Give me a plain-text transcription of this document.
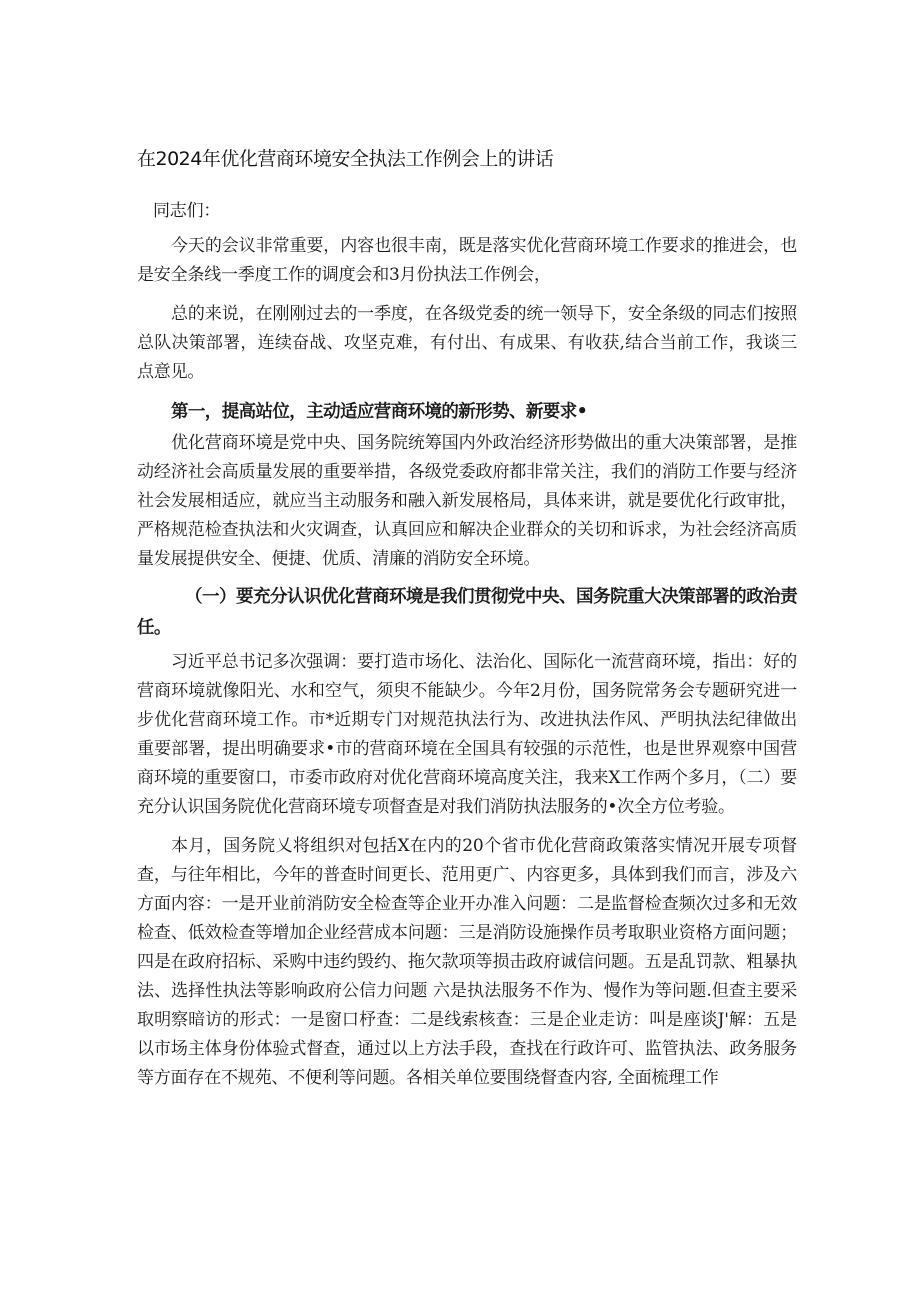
在2024年优化营商环境安全执法工作例会上的讲话

同志们：

今天的会议非常重要，内容也很丰南，既是落实优化营商环境工作要求的推进会，也是安全条线一季度工作的调度会和3月份执法工作例会，

总的来说，在刚刚过去的一季度，在各级党委的统一领导下，安全条级的同志们按照总队决策部署，连续奋战、攻坚克难，有付出、有成果、有收获,结合当前工作，我谈三点意见。

第一，提高站位，主动适应营商环境的新形势、新要求•

优化营商环境是党中央、国务院统筹国内外政治经济形势做出的重大决策部署，是推动经济社会高质量发展的重要举措，各级党委政府都非常关注，我们的消防工作要与经济社会发展相适应，就应当主动服务和融入新发展格局，具体来讲，就是要优化行政审批，严格规范检查执法和火灾调查，认真回应和解决企业群众的关切和诉求，为社会经济高质量发展提供安全、便捷、优质、清廉的消防安全环境。

（一）要充分认识优化营商环境是我们贯彻党中央、国务院重大决策部署的政治责任。

习近平总书记多次强调：要打造市场化、法治化、国际化一流营商环境，指出：好的营商环境就像阳光、水和空气，须臾不能缺少。今年2月份，国务院常务会专题研究进一步优化营商环境工作。市*近期专门对规范执法行为、改进执法作风、严明执法纪律做出重要部署，提出明确要求•市的营商环境在全国具有较强的示范性，也是世界观察中国营商环境的重要窗口，市委市政府对优化营商环境高度关注，我来X工作两个多月，（二）要充分认识国务院优化营商环境专项督查是对我们消防执法服务的•次全方位考验。

本月，国务院乂将组织对包括X在内的20个省市优化营商政策落实情况开展专项督查，与往年相比，今年的普查时间更长、范用更广、内容更多，具体到我们而言，涉及六方面内容：一是开业前消防安全检查等企业开办准入问题：二是监督检查频次过多和无效检查、低效检查等增加企业经营成本问题：三是消防设施操作员考取职业资格方面问题；四是在政府招标、采购中违约毁约、拖欠款项等损击政府诚信问题。五是乱罚款、粗暴执法、选择性执法等影响政府公信力问题 六是执法服务不作为、慢作为等问题.但查主要采取明察暗访的形式：一是窗口杼查：二是线索核查：三是企业走访：叫是座谈J'解：五是以市场主体身份体验式督查，通过以上方法手段，查找在行政许可、监管执法、政务服务等方面存在不规苑、不便利等问题。各相关单位要围绕督查内容, 全面梳理工作
